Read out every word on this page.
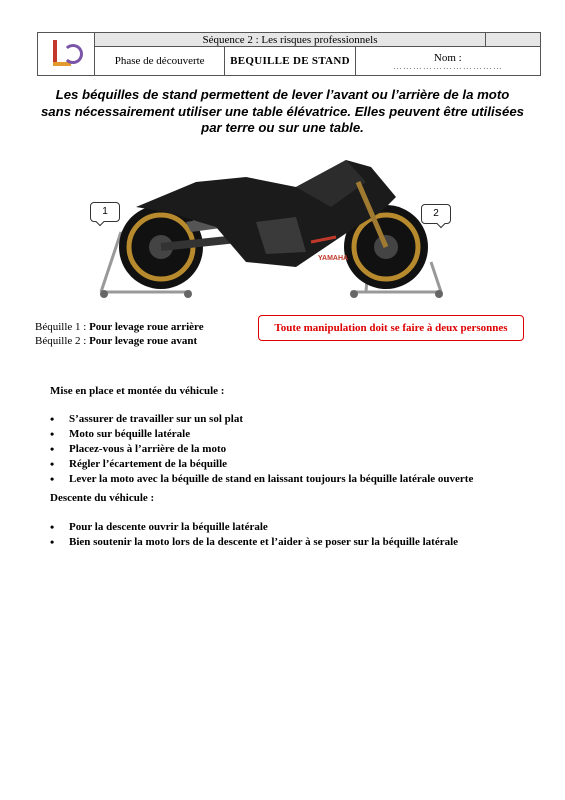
	Séquence 2 : Les risques professionnels			
	Phase de découverte	BEQUILLE DE STAND	Nom :
……………………………	
Les béquilles de stand permettent de lever l’avant ou l’arrière de la moto sans nécessairement utiliser une table élévatrice. Elles peuvent être utilisées par terre ou sur une table.
YAMAHA
1	2
Béquille 1 : Pour levage roue arrière
Béquille 2 : Pour levage roue avant
Toute manipulation doit se faire à deux personnes
Mise en place et montée du véhicule :
• S’assurer de travailler sur un sol plat
• Moto sur béquille latérale
• Placez-vous à l’arrière de la moto
• Régler l’écartement de la béquille
• Lever la moto avec la béquille de stand en laissant toujours la béquille latérale ouverte
Descente du véhicule :
• Pour la descente ouvrir la béquille latérale
• Bien soutenir la moto lors de la descente et l’aider à se poser sur la béquille latérale
